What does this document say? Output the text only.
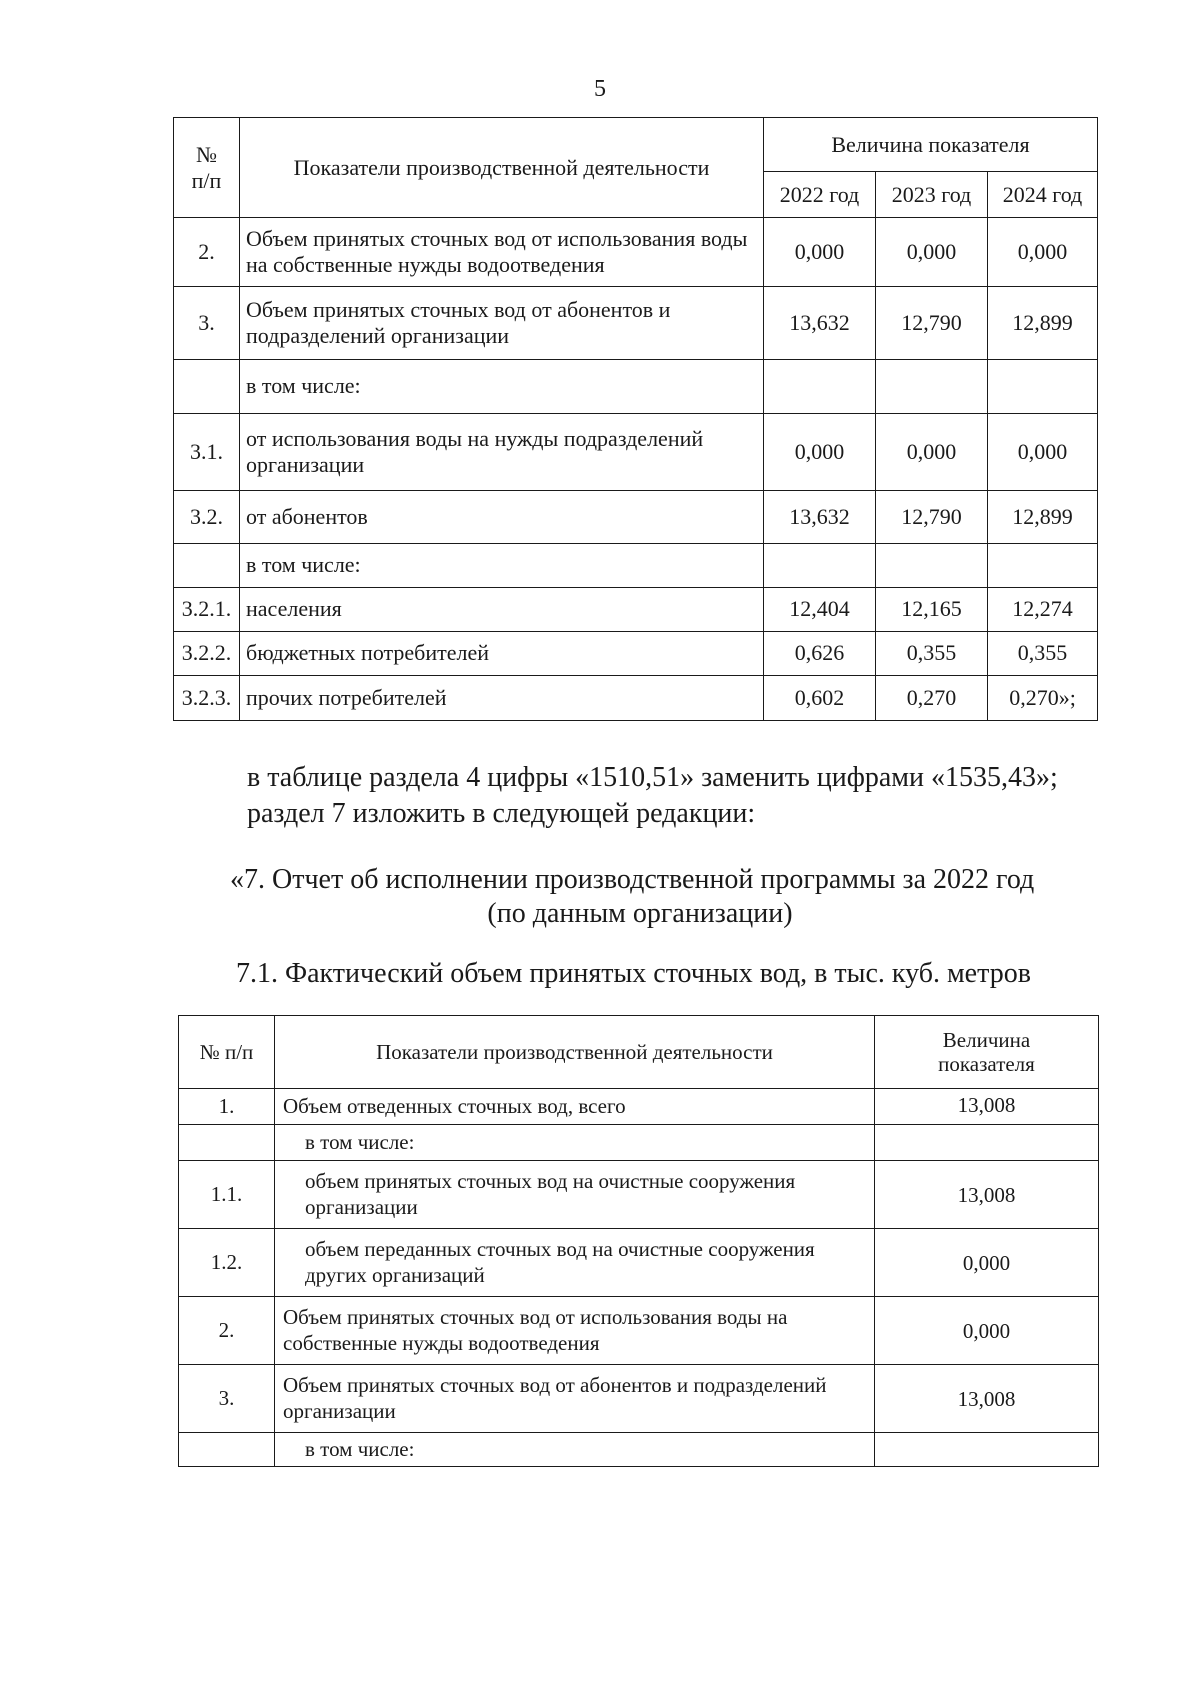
5
№ п/п	Показатели производственной деятельности	Величина показателя		
		2022 год	2023 год	2024 год
2.	Объем принятых сточных вод от использования воды на собственные нужды водоотведения	0,000	0,000	0,000
3.	Объем принятых сточных вод от абонентов и подразделений организации	13,632	12,790	12,899
	в том числе:			
3.1.	от использования воды на нужды подразделений организации	0,000	0,000	0,000
3.2.	от абонентов	13,632	12,790	12,899
	в том числе:			
3.2.1.	населения	12,404	12,165	12,274
3.2.2.	бюджетных потребителей	0,626	0,355	0,355
3.2.3.	прочих потребителей	0,602	0,270	0,270»;
в таблице раздела 4 цифры «1510,51» заменить цифрами «1535,43»;
раздел 7 изложить в следующей редакции:
«7. Отчет об исполнении производственной программы за 2022 год
(по данным организации)
7.1. Фактический объем принятых сточных вод, в тыс. куб. метров
№ п/п	Показатели производственной деятельности	Величина показателя
1.	Объем отведенных сточных вод, всего	13,008
	в том числе:	
1.1.	объем принятых сточных вод на очистные сооружения организации	13,008
1.2.	объем переданных сточных вод на очистные сооружения других организаций	0,000
2.	Объем принятых сточных вод от использования воды на собственные нужды водоотведения	0,000
3.	Объем принятых сточных вод от абонентов и подразделений организации	13,008
	в том числе:	
